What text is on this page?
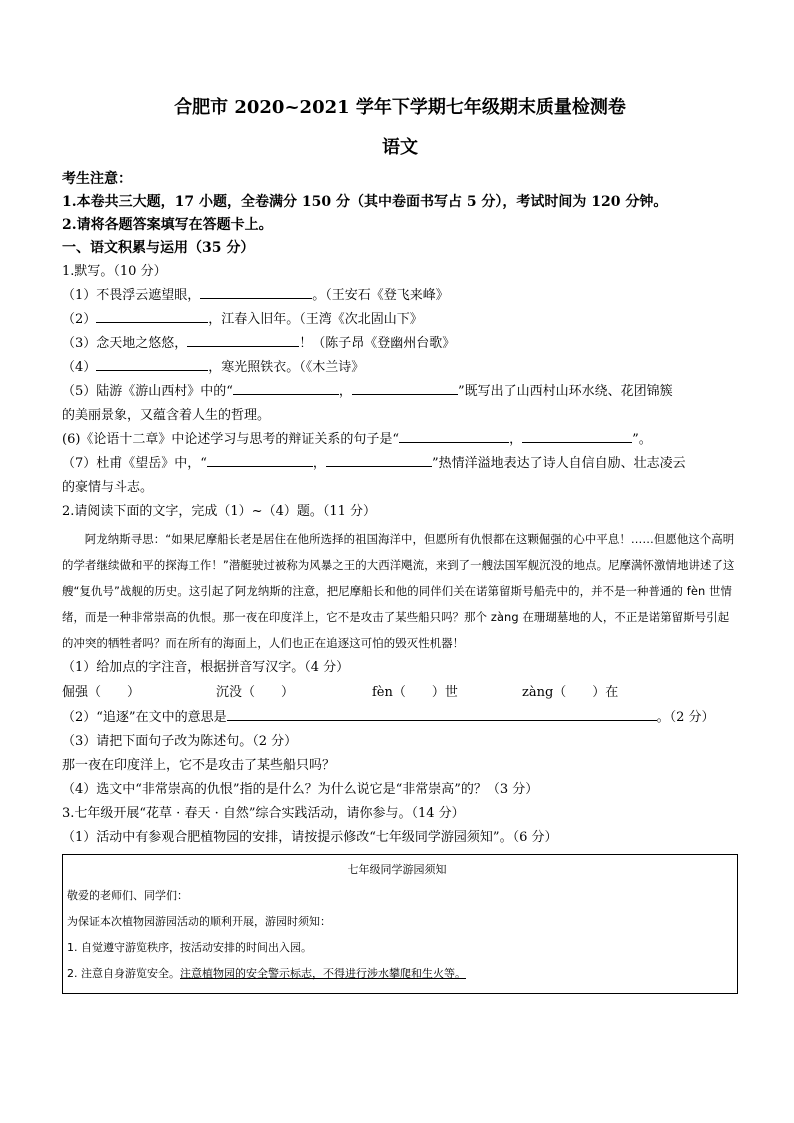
合肥市 2020~2021 学年下学期七年级期末质量检测卷

语文

考生注意：

1.本卷共三大题，17 小题，全卷满分 150 分（其中卷面书写占 5 分），考试时间为 120 分钟。

2.请将各题答案填写在答题卡上。

一、语文积累与运用（35 分）

1.默写。（10 分）

（1）不畏浮云遮望眼，	。（王安石《登飞来峰》

（2）	，江春入旧年。（王湾《次北固山下》

（3）念天地之悠悠，	！（陈子昂《登幽州台歌》

（4）	，寒光照铁衣。（《木兰诗》

（5）陆游《游山西村》中的“	，	”既写出了山西村山环水绕、花团锦簇

的美丽景象，又蕴含着人生的哲理。

(6)《论语十二章》中论述学习与思考的辩证关系的句子是“	，	”。

（7）杜甫《望岳》中，“	，	”热情洋溢地表达了诗人自信自励、壮志凌云

的豪情与斗志。

2.请阅读下面的文字，完成（1）~（4）题。（11 分）

阿龙纳斯寻思：“如果尼摩船长老是居住在他所选择的祖国海洋中，但愿所有仇恨都在这颗倔强的心中平息！……但愿他这个高明的学者继续做和平的探海工作！”潜艇驶过被称为风暴之王的大西洋飓流，来到了一艘法国军舰沉没的地点。尼摩满怀激情地讲述了这艘“复仇号”战舰的历史。这引起了阿龙纳斯的注意，把尼摩船长和他的同伴们关在诺第留斯号船壳中的，并不是一种普通的 fèn 世情绪，而是一种非常崇高的仇恨。那一夜在印度洋上，它不是攻击了某些船只吗？那个 zàng 在珊瑚墓地的人，不正是诺第留斯号引起的冲突的牺牲者吗？而在所有的海面上，人们也正在追逐这可怕的毁灭性机器！

（1）给加点的字注音，根据拼音写汉字。（4 分）

倔强（　　）	沉没（　　）	fèn（　　）世	zàng（　　）在

（2）“追逐”在文中的意思是	。（2 分）

（3）请把下面句子改为陈述句。（2 分）

那一夜在印度洋上，它不是攻击了某些船只吗？

（4）选文中“非常崇高的仇恨”指的是什么？为什么说它是“非常崇高”的？（3 分）

3.七年级开展“花草 · 春天 · 自然”综合实践活动，请你参与。（14 分）

（1）活动中有参观合肥植物园的安排，请按提示修改“七年级同学游园须知”。（6 分）

七年级同学游园须知

敬爱的老师们、同学们：

为保证本次植物园游园活动的顺利开展，游园时须知：

1. 自觉遵守游览秩序，按活动安排的时间出入园。

2. 注意自身游览安全。注意植物园的安全警示标志，不得进行涉水攀爬和生火等。
